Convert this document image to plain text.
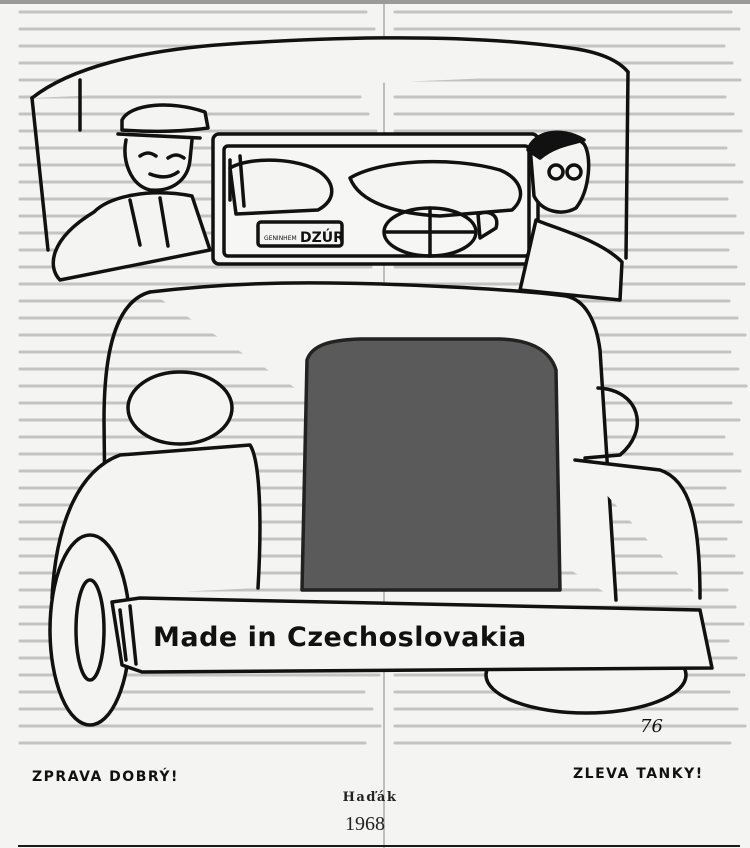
GENINHEM DZÚR
76
Made in Czechoslovakia
ZPRAVA DOBRÝ!	ZLEVA TANKY!
Haďák
1968
